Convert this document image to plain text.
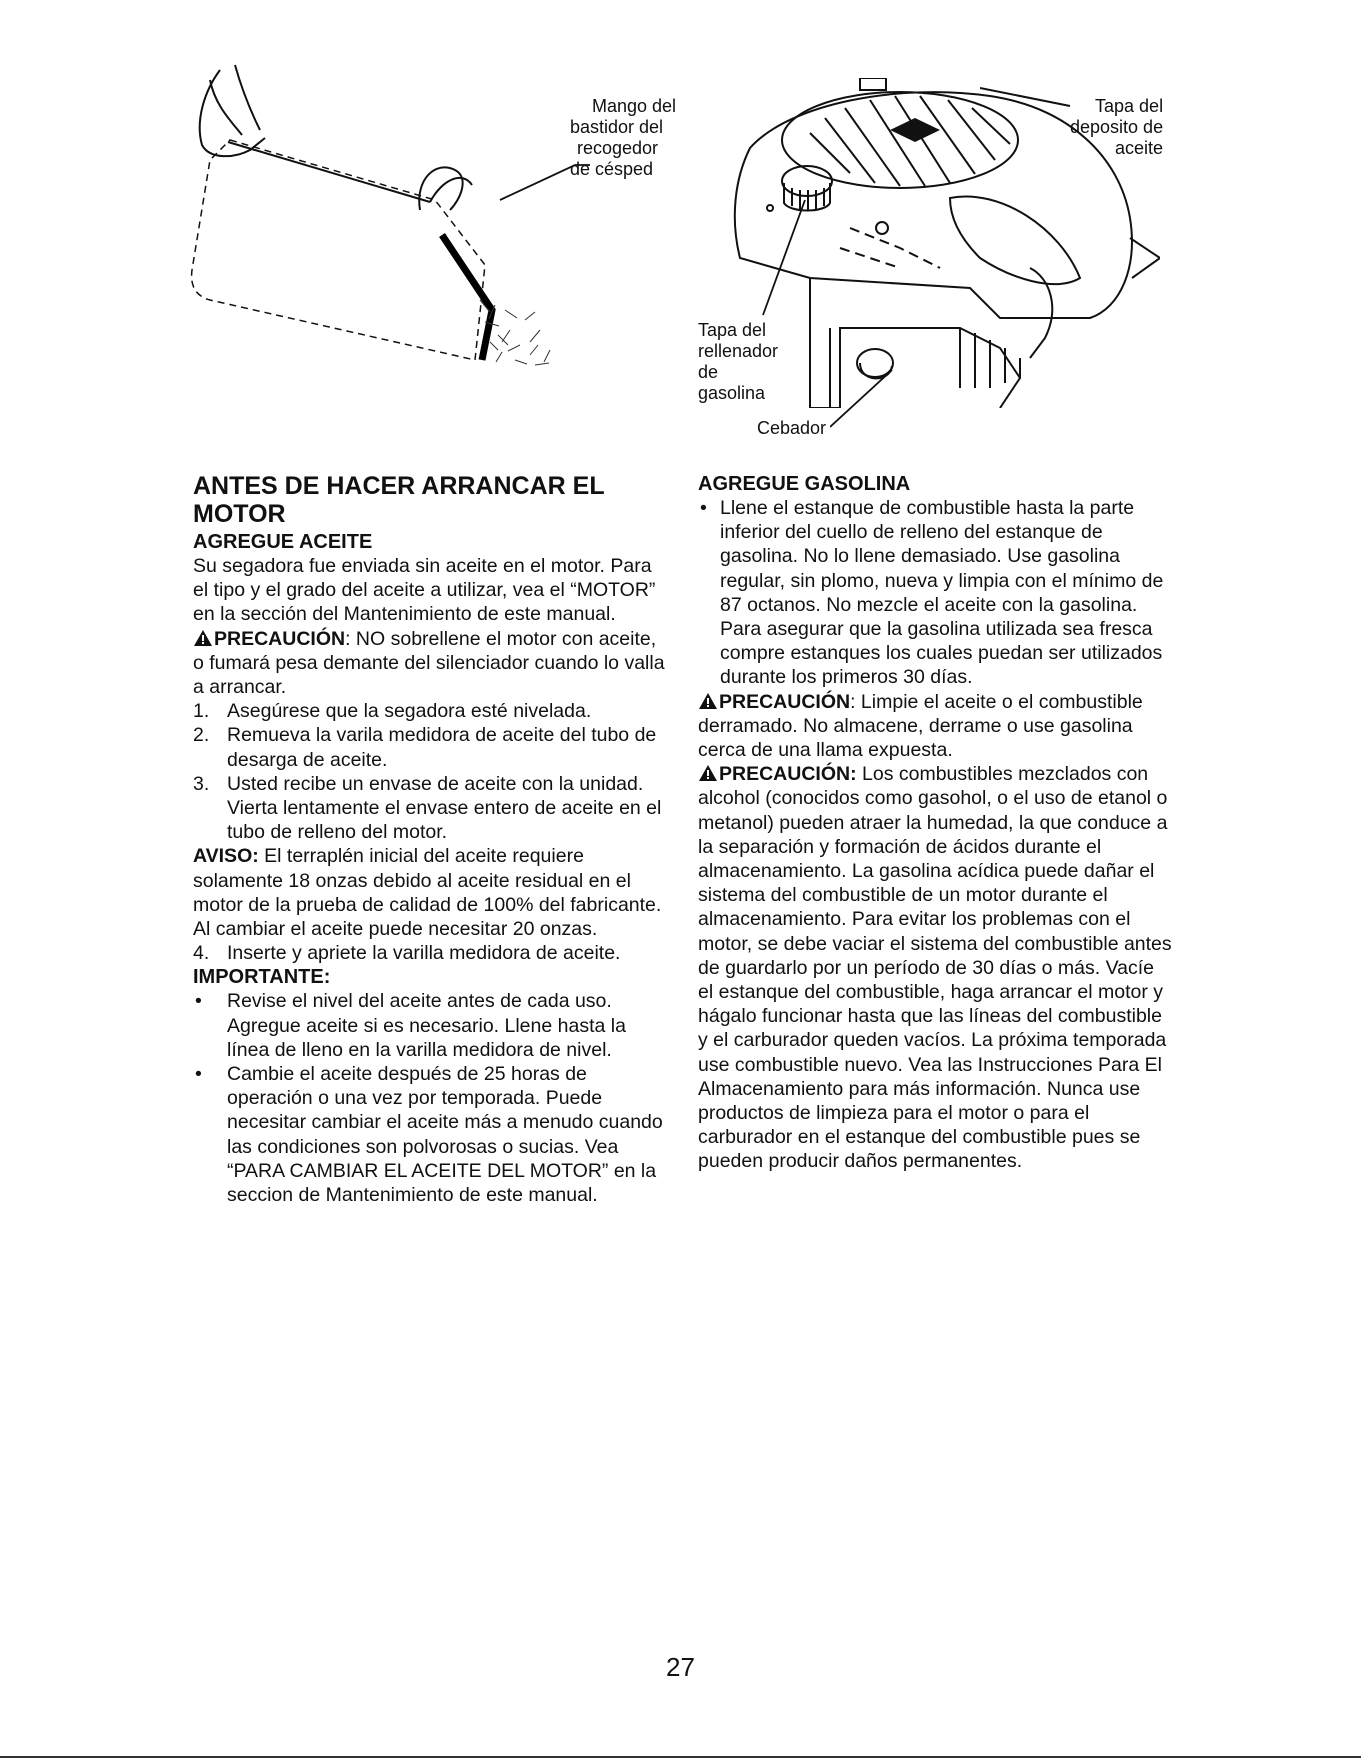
Mango del
bastidor del
recogedor
de césped
Tapa del
deposito de
aceite
Tapa del
rellenador
de
gasolina
Cebador
ANTES DE HACER ARRANCAR EL MOTOR
AGREGUE ACEITE

Su segadora fue enviada sin aceite en el motor. Para el tipo y el grado del aceite a utilizar, vea el “MOTOR” en la sección del Mantenimiento de este manual.

PRECAUCIÓN: NO sobrellene el motor con aceite, o fumará pesa demante del silenciador cuando lo valla a arrancar.

1. Asegúrese que la segadora esté nivelada.
2. Remueva la varila medidora de aceite del tubo de desarga de aceite.
3. Usted recibe un envase de aceite con la unidad. Vierta lentamente el envase entero de aceite en el tubo de relleno del motor.

AVISO: El terraplén inicial del aceite requiere solamente 18 onzas debido al aceite residual en el motor de la prueba de calidad de 100% del fabricante. Al cambiar el aceite puede necesitar 20 onzas.

4. Inserte y apriete la varilla medidora de aceite.
IMPORTANTE:
• Revise el nivel del aceite antes de cada uso. Agregue aceite si es necesario. Llene hasta la línea de lleno en la varilla medidora de nivel.
• Cambie el aceite después de 25 horas de operación o una vez por temporada. Puede necesitar cambiar el aceite más a menudo cuando las condiciones son polvorosas o sucias. Vea “PARA CAMBIAR EL ACEITE DEL MOTOR” en la seccion de Mantenimiento de este manual.
AGREGUE GASOLINA
• Llene el estanque de combustible hasta la parte inferior del cuello de relleno del estanque de gasolina. No lo llene demasiado. Use gasolina regular, sin plomo, nueva y limpia con el mínimo de 87 octanos. No mezcle el aceite con la gasolina. Para asegurar que la gasolina utilizada sea fresca compre estanques los cuales puedan ser utilizados durante los primeros 30 días.

PRECAUCIÓN: Limpie el aceite o el combustible derramado. No almacene, derrame o use gasolina cerca de una llama expuesta.

PRECAUCIÓN: Los combustibles mezclados con alcohol (conocidos como gasohol, o el uso de etanol o metanol) pueden atraer la humedad, la que conduce a la separación y formación de ácidos durante el almacenamiento. La gasolina acídica puede dañar el sistema del combustible de un motor durante el almacenamiento. Para evitar los problemas con el motor, se debe vaciar el sistema del combustible antes de guardarlo por un período de 30 días o más. Vacíe el estanque del combustible, haga arrancar el motor y hágalo funcionar hasta que las líneas del combustible y el carburador queden vacíos. La próxima temporada use combustible nuevo. Vea las Instrucciones Para El Almacenamiento para más información. Nunca use productos de limpieza para el motor o para el carburador en el estanque del combustible pues se pueden producir daños permanentes.

27
